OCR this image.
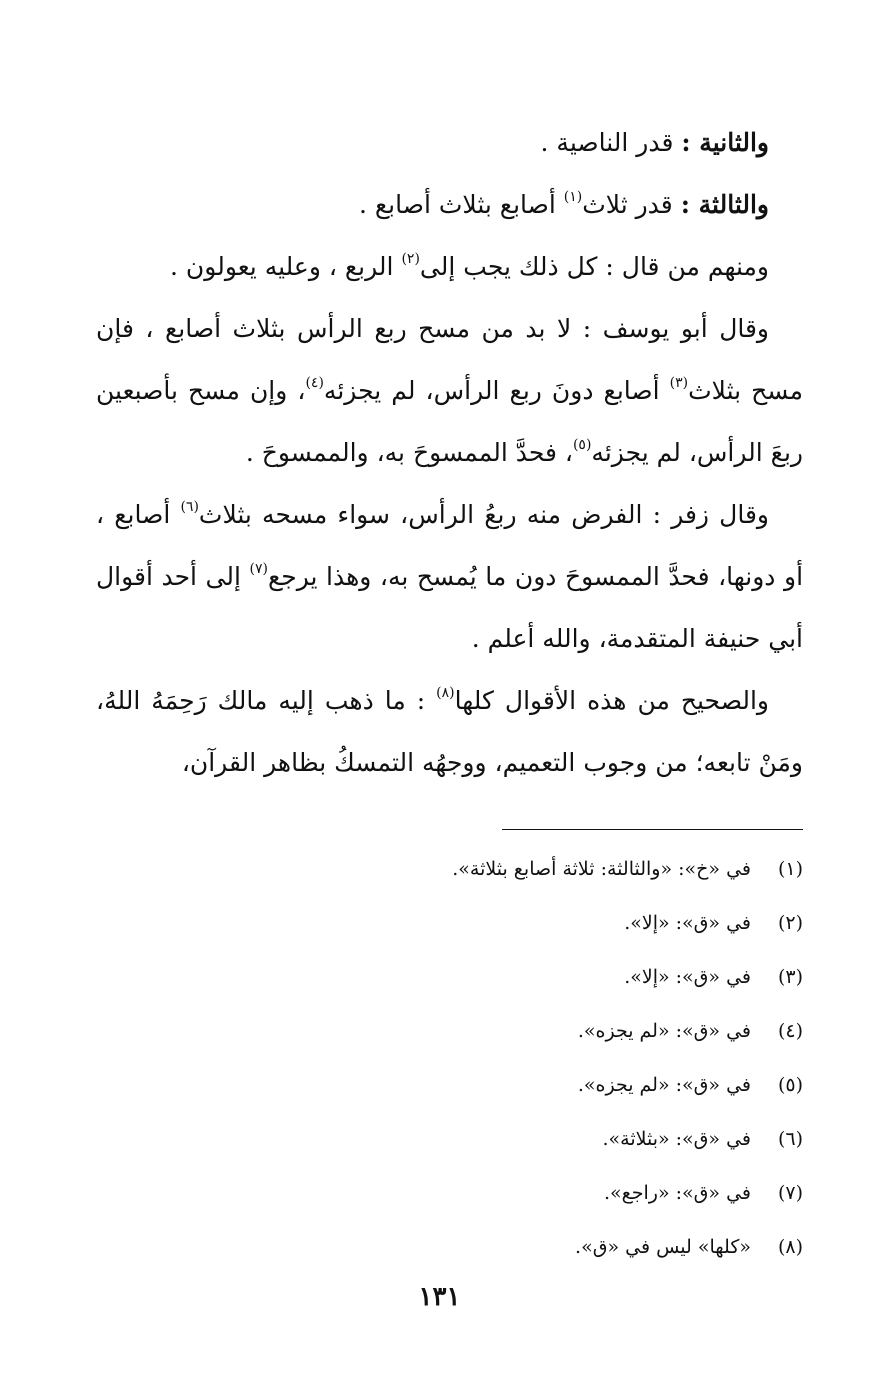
والثانية : قدر الناصية .

والثالثة : قدر ثلاث$^{(١)}$ أصابع بثلاث أصابع .

ومنهم من قال : كل ذلك يجب إلى$^{(٢)}$ الربع ، وعليه يعولون .

وقال أبو يوسف : لا بد من مسح ربع الرأس بثلاث أصابع ، فإن مسح بثلاث$^{(٣)}$ أصابع دونَ ربع الرأس، لم يجزئه$^{(٤)}$، وإن مسح بأصبعين ربعَ الرأس، لم يجزئه$^{(٥)}$، فحدَّ الممسوحَ به، والممسوحَ .

وقال زفر : الفرض منه ربعُ الرأس، سواء مسحه بثلاث$^{(٦)}$ أصابع ، أو دونها، فحدَّ الممسوحَ دون ما يُمسح به، وهذا يرجع$^{(٧)}$ إلى أحد أقوال أبي حنيفة المتقدمة، والله أعلم .

والصحيح من هذه الأقوال كلها$^{(٨)}$ : ما ذهب إليه مالك رَحِمَهُ اللهُ، ومَنْ تابعه؛ من وجوب التعميم، ووجهُه التمسكُ بظاهر القرآن،

(١)في «خ»: «والثالثة: ثلاثة أصابع بثلاثة».
(٢)في «ق»: «إلا».
(٣)في «ق»: «إلا».
(٤)في «ق»: «لم يجزه».
(٥)في «ق»: «لم يجزه».
(٦)في «ق»: «بثلاثة».
(٧)في «ق»: «راجع».
(٨)«كلها» ليس في «ق».
١٣١
